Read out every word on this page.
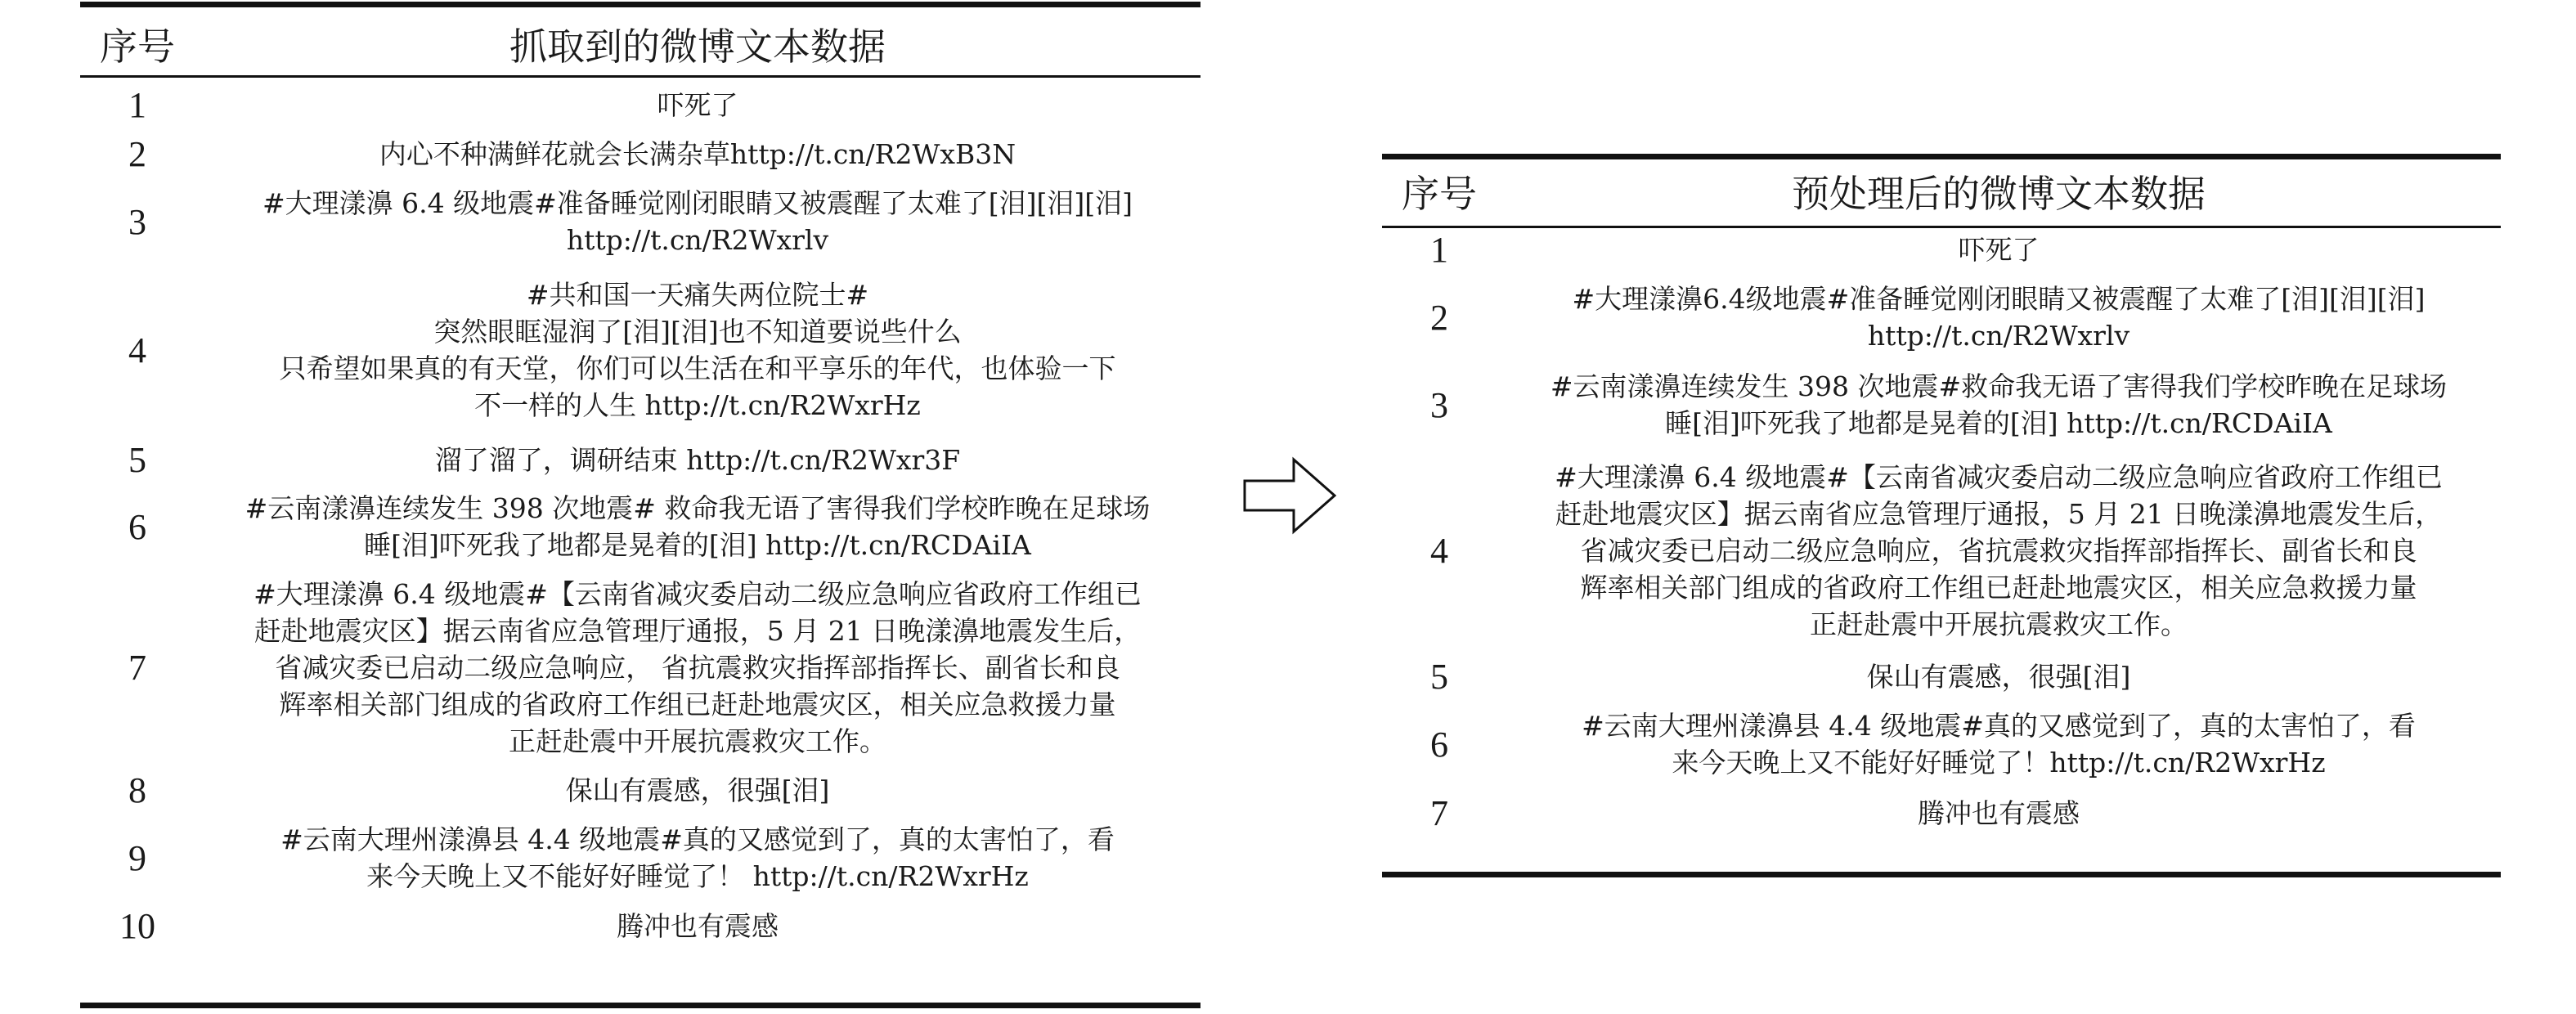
序号	抓取到的微博文本数据
1	吓死了

2	内心不种满鲜花就会长满杂草http://t.cn/R2WxB3N

3	#大理漾濞 6.4 级地震#准备睡觉刚闭眼睛又被震醒了太难了[泪][泪][泪]
http://t.cn/R2Wxrlv

4	#共和国一天痛失两位院士#
突然眼眶湿润了[泪][泪]也不知道要说些什么
只希望如果真的有天堂，你们可以生活在和平享乐的年代，也体验一下
不一样的人生 http://t.cn/R2WxrHz

5	溜了溜了，调研结束 http://t.cn/R2Wxr3F

6	#云南漾濞连续发生 398 次地震# 救命我无语了害得我们学校昨晚在足球场
睡[泪]吓死我了地都是晃着的[泪] http://t.cn/RCDAiIA

7	#大理漾濞 6.4 级地震#【云南省减灾委启动二级应急响应省政府工作组已
赶赴地震灾区】据云南省应急管理厅通报，5 月 21 日晚漾濞地震发生后，
省减灾委已启动二级应急响应， 省抗震救灾指挥部指挥长、副省长和良
辉率相关部门组成的省政府工作组已赶赴地震灾区，相关应急救援力量
正赶赴震中开展抗震救灾工作。

8	保山有震感，很强[泪]

9	#云南大理州漾濞县 4.4 级地震#真的又感觉到了，真的太害怕了，看
来今天晚上又不能好好睡觉了！ http://t.cn/R2WxrHz

10	腾冲也有震感
序号	预处理后的微博文本数据
1	吓死了

2	#大理漾濞6.4级地震#准备睡觉刚闭眼睛又被震醒了太难了[泪][泪][泪]
http://t.cn/R2Wxrlv

3	#云南漾濞连续发生 398 次地震#救命我无语了害得我们学校昨晚在足球场
睡[泪]吓死我了地都是晃着的[泪] http://t.cn/RCDAiIA

4	#大理漾濞 6.4 级地震#【云南省减灾委启动二级应急响应省政府工作组已
赶赴地震灾区】据云南省应急管理厅通报，5 月 21 日晚漾濞地震发生后，
省减灾委已启动二级应急响应，省抗震救灾指挥部指挥长、副省长和良
辉率相关部门组成的省政府工作组已赶赴地震灾区，相关应急救援力量
正赶赴震中开展抗震救灾工作。

5	保山有震感，很强[泪]

6	#云南大理州漾濞县 4.4 级地震#真的又感觉到了，真的太害怕了，看
来今天晚上又不能好好睡觉了！http://t.cn/R2WxrHz

7	腾冲也有震感
